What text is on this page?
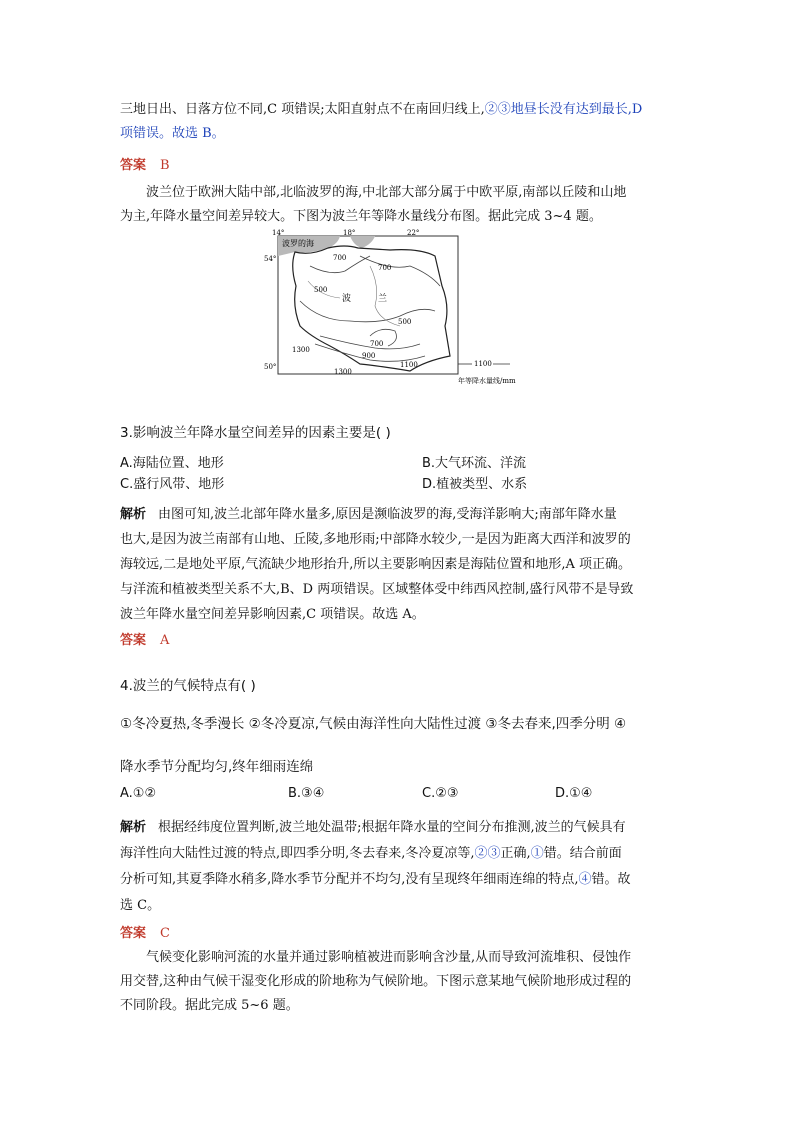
三地日出、日落方位不同,C 项错误;太阳直射点不在南回归线上,②③地昼长没有达到最长,D
项错误。故选 B。
答案 B
波兰位于欧洲大陆中部,北临波罗的海,中北部大部分属于中欧平原,南部以丘陵和山地
为主,年降水量空间差异较大。下图为波兰年等降水量线分布图。据此完成 3~4 题。
14°	18°	22°
54°
50°
波罗的海
波	兰
700
700
500
500
700
900
1300
1300
1100	1100
年等降水量线/mm
3.影响波兰年降水量空间差异的因素主要是( )
A.海陆位置、地形	B.大气环流、洋流
C.盛行风带、地形	D.植被类型、水系
解析 由图可知,波兰北部年降水量多,原因是濒临波罗的海,受海洋影响大;南部年降水量
也大,是因为波兰南部有山地、丘陵,多地形雨;中部降水较少,一是因为距离大西洋和波罗的
海较远,二是地处平原,气流缺少地形抬升,所以主要影响因素是海陆位置和地形,A 项正确。
与洋流和植被类型关系不大,B、D 两项错误。区域整体受中纬西风控制,盛行风带不是导致
波兰年降水量空间差异影响因素,C 项错误。故选 A。
答案 A
4.波兰的气候特点有( )
①冬冷夏热,冬季漫长 ②冬冷夏凉,气候由海洋性向大陆性过渡 ③冬去春来,四季分明 ④
降水季节分配均匀,终年细雨连绵
A.①②	B.③④	C.②③	D.①④
解析 根据经纬度位置判断,波兰地处温带;根据年降水量的空间分布推测,波兰的气候具有
海洋性向大陆性过渡的特点,即四季分明,冬去春来,冬冷夏凉等,②③正确,①错。结合前面
分析可知,其夏季降水稍多,降水季节分配并不均匀,没有呈现终年细雨连绵的特点,④错。故
选 C。
答案 C
气候变化影响河流的水量并通过影响植被进而影响含沙量,从而导致河流堆积、侵蚀作
用交替,这种由气候干湿变化形成的阶地称为气候阶地。下图示意某地气候阶地形成过程的
不同阶段。据此完成 5~6 题。
